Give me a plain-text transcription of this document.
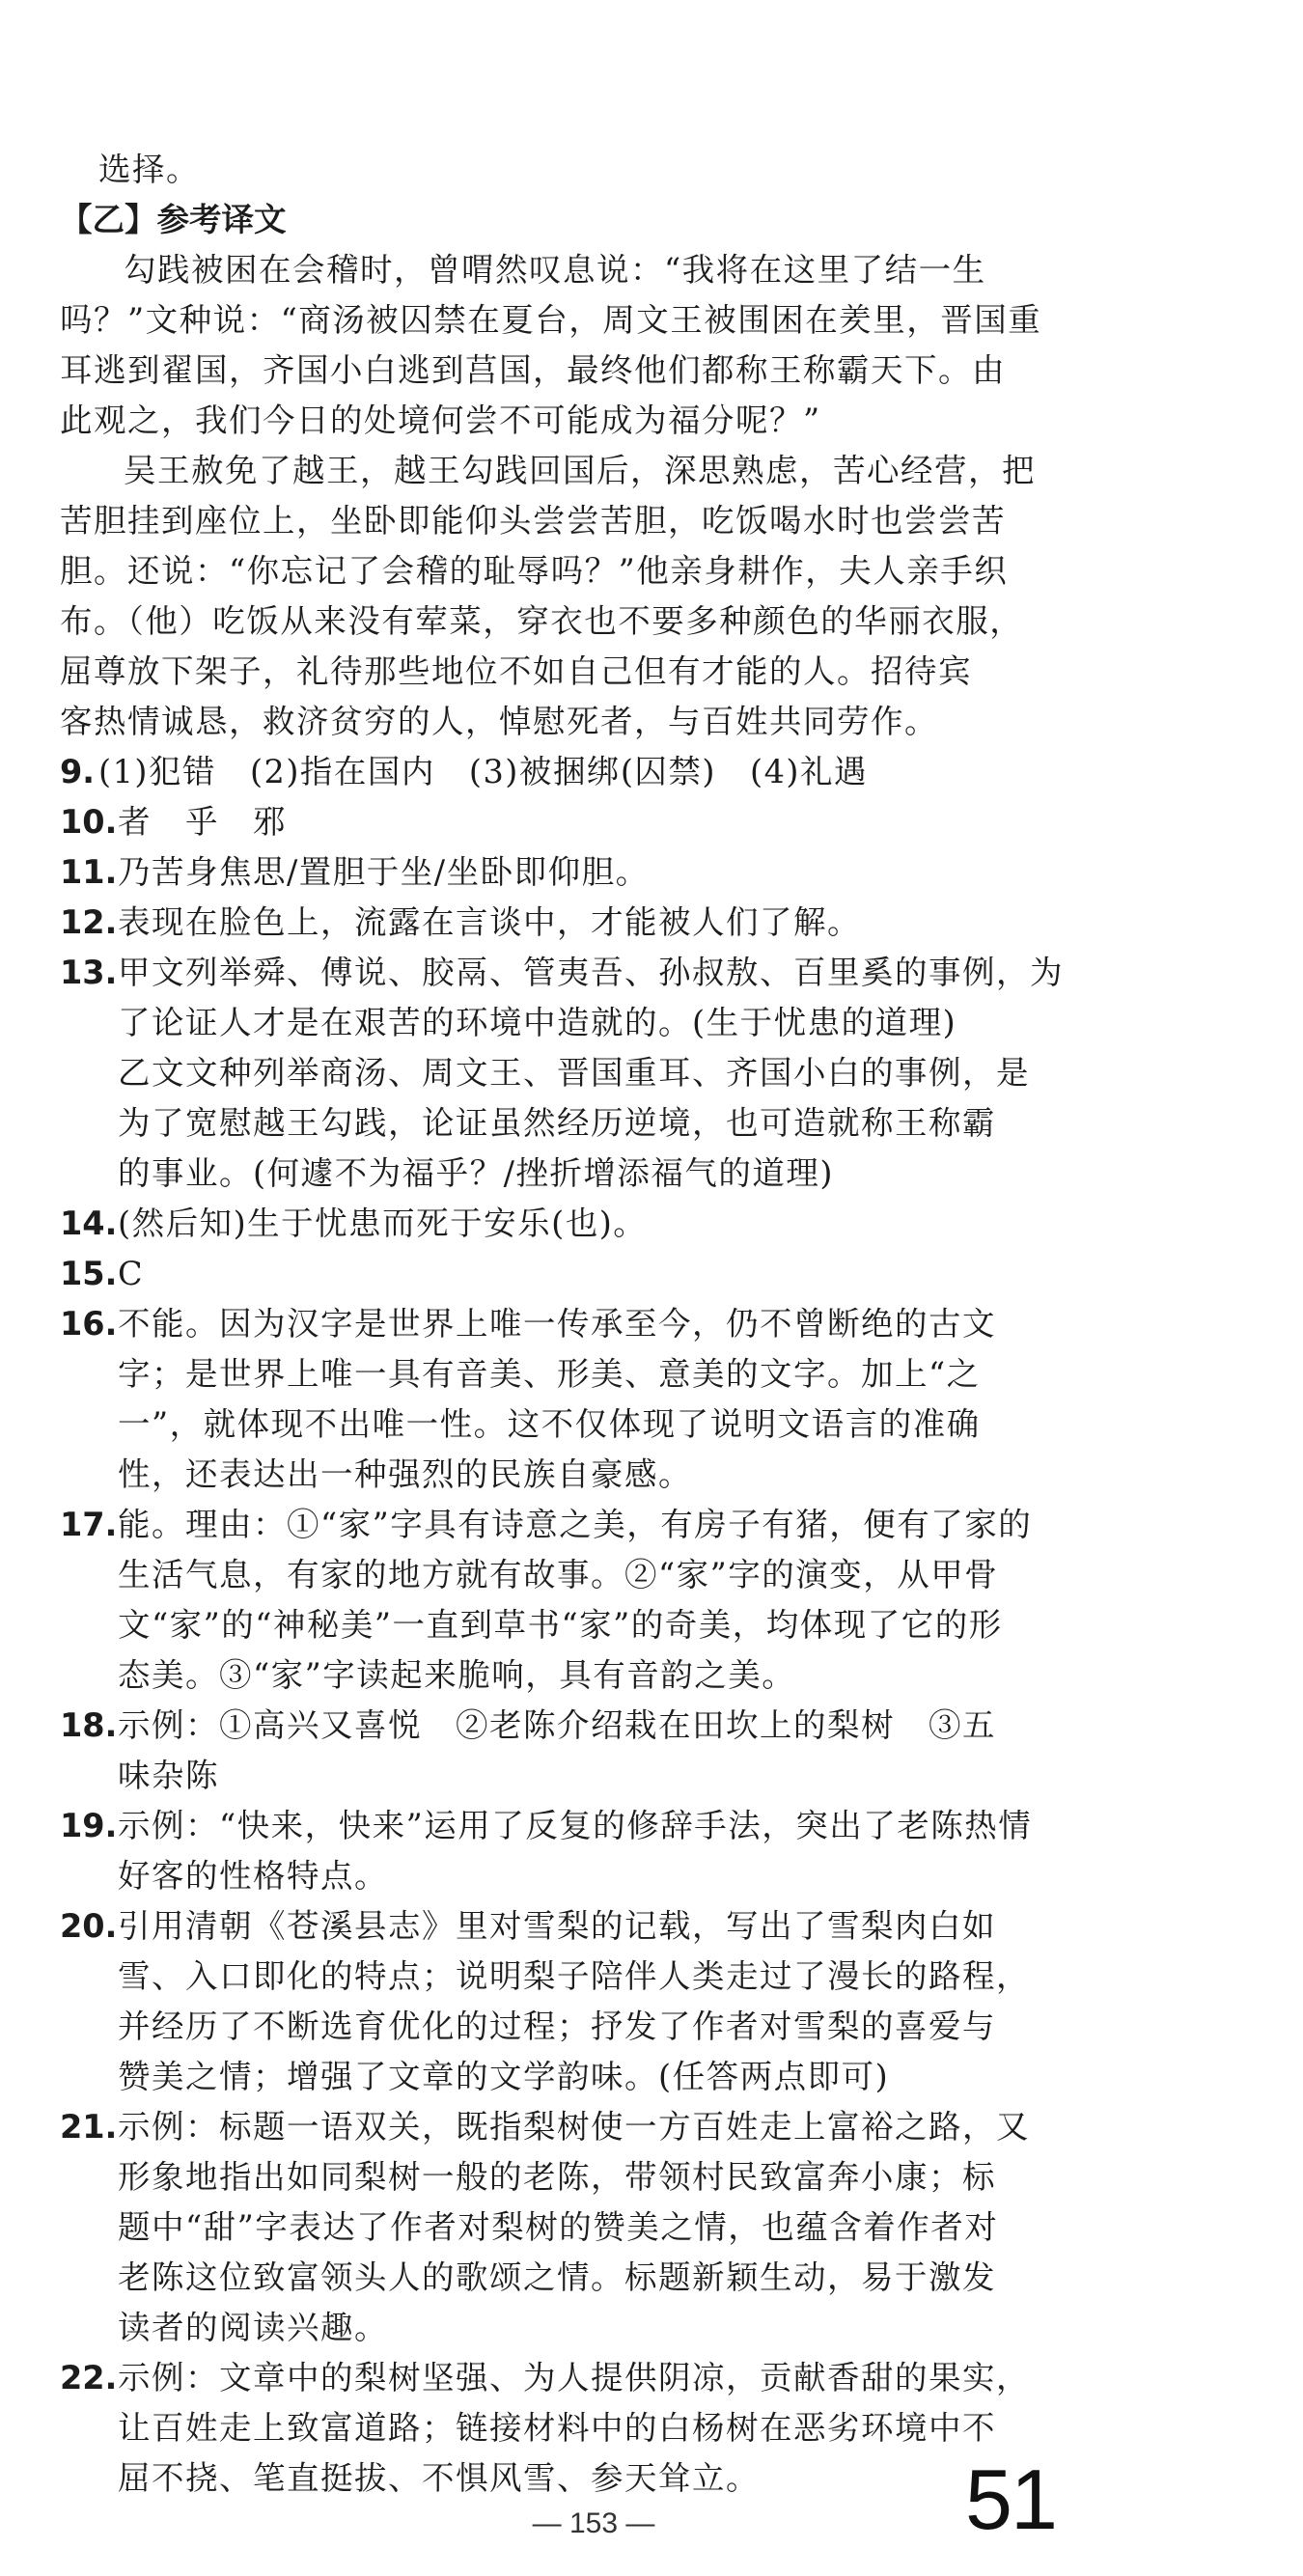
选择。
【乙】参考译文
勾践被困在会稽时，曾喟然叹息说：“我将在这里了结一生
吗？”文种说：“商汤被囚禁在夏台，周文王被围困在羑里，晋国重
耳逃到翟国，齐国小白逃到莒国，最终他们都称王称霸天下。由
此观之，我们今日的处境何尝不可能成为福分呢？”
吴王赦免了越王，越王勾践回国后，深思熟虑，苦心经营，把
苦胆挂到座位上，坐卧即能仰头尝尝苦胆，吃饭喝水时也尝尝苦
胆。还说：“你忘记了会稽的耻辱吗？”他亲身耕作，夫人亲手织
布。（他）吃饭从来没有荤菜，穿衣也不要多种颜色的华丽衣服，
屈尊放下架子，礼待那些地位不如自己但有才能的人。招待宾
客热情诚恳，救济贫穷的人，悼慰死者，与百姓共同劳作。
9. (1)犯错　(2)指在国内　(3)被捆绑(囚禁)　(4)礼遇
10. 者　乎　邪
11. 乃苦身焦思/置胆于坐/坐卧即仰胆。
12. 表现在脸色上，流露在言谈中，才能被人们了解。
13. 甲文列举舜、傅说、胶鬲、管夷吾、孙叔敖、百里奚的事例，为
了论证人才是在艰苦的环境中造就的。(生于忧患的道理)
乙文文种列举商汤、周文王、晋国重耳、齐国小白的事例，是
为了宽慰越王勾践，论证虽然经历逆境，也可造就称王称霸
的事业。(何遽不为福乎？/挫折增添福气的道理)
14. (然后知)生于忧患而死于安乐(也)。
15. C
16. 不能。因为汉字是世界上唯一传承至今，仍不曾断绝的古文
字；是世界上唯一具有音美、形美、意美的文字。加上“之
一”，就体现不出唯一性。这不仅体现了说明文语言的准确
性，还表达出一种强烈的民族自豪感。
17. 能。理由：①“家”字具有诗意之美，有房子有猪，便有了家的
生活气息，有家的地方就有故事。②“家”字的演变，从甲骨
文“家”的“神秘美”一直到草书“家”的奇美，均体现了它的形
态美。③“家”字读起来脆响，具有音韵之美。
18. 示例：①高兴又喜悦　②老陈介绍栽在田坎上的梨树　③五
味杂陈
19. 示例：“快来，快来”运用了反复的修辞手法，突出了老陈热情
好客的性格特点。
20. 引用清朝《苍溪县志》里对雪梨的记载，写出了雪梨肉白如
雪、入口即化的特点；说明梨子陪伴人类走过了漫长的路程，
并经历了不断选育优化的过程；抒发了作者对雪梨的喜爱与
赞美之情；增强了文章的文学韵味。(任答两点即可)
21. 示例：标题一语双关，既指梨树使一方百姓走上富裕之路，又
形象地指出如同梨树一般的老陈，带领村民致富奔小康；标
题中“甜”字表达了作者对梨树的赞美之情，也蕴含着作者对
老陈这位致富领头人的歌颂之情。标题新颖生动，易于激发
读者的阅读兴趣。
22. 示例：文章中的梨树坚强、为人提供阴凉，贡献香甜的果实，
让百姓走上致富道路；链接材料中的白杨树在恶劣环境中不
屈不挠、笔直挺拔、不惧风雪、参天耸立。
— 153 —	51
